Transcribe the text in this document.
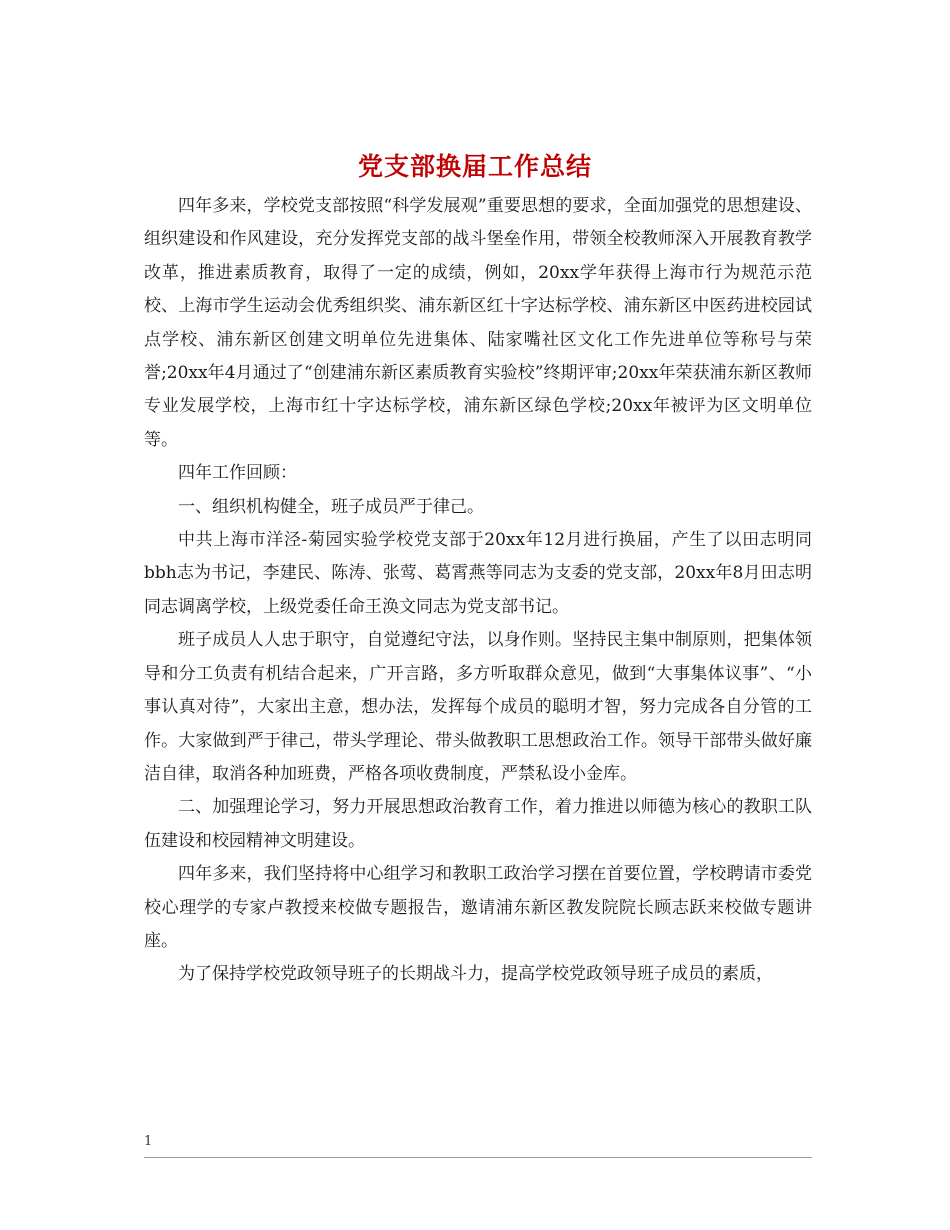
党支部换届工作总结

四年多来，学校党支部按照“科学发展观”重要思想的要求，全面加强党的思想建设、组织建设和作风建设，充分发挥党支部的战斗堡垒作用，带领全校教师深入开展教育教学改革，推进素质教育，取得了一定的成绩，例如，20xx学年获得上海市行为规范示范校、上海市学生运动会优秀组织奖、浦东新区红十字达标学校、浦东新区中医药进校园试点学校、浦东新区创建文明单位先进集体、陆家嘴社区文化工作先进单位等称号与荣誉;20xx年4月通过了“创建浦东新区素质教育实验校”终期评审;20xx年荣获浦东新区教师专业发展学校，上海市红十字达标学校，浦东新区绿色学校;20xx年被评为区文明单位等。

四年工作回顾：

一、组织机构健全，班子成员严于律己。

中共上海市洋泾-菊园实验学校党支部于20xx年12月进行换届，产生了以田志明同bbh志为书记，李建民、陈涛、张莺、葛霄燕等同志为支委的党支部，20xx年8月田志明同志调离学校，上级党委任命王涣文同志为党支部书记。

班子成员人人忠于职守，自觉遵纪守法，以身作则。坚持民主集中制原则，把集体领导和分工负责有机结合起来，广开言路，多方听取群众意见，做到“大事集体议事”、“小事认真对待”，大家出主意，想办法，发挥每个成员的聪明才智，努力完成各自分管的工作。大家做到严于律己，带头学理论、带头做教职工思想政治工作。领导干部带头做好廉洁自律，取消各种加班费，严格各项收费制度，严禁私设小金库。

二、加强理论学习，努力开展思想政治教育工作，着力推进以师德为核心的教职工队伍建设和校园精神文明建设。

四年多来，我们坚持将中心组学习和教职工政治学习摆在首要位置，学校聘请市委党校心理学的专家卢教授来校做专题报告，邀请浦东新区教发院院长顾志跃来校做专题讲座。

为了保持学校党政领导班子的长期战斗力，提高学校党政领导班子成员的素质，

1
